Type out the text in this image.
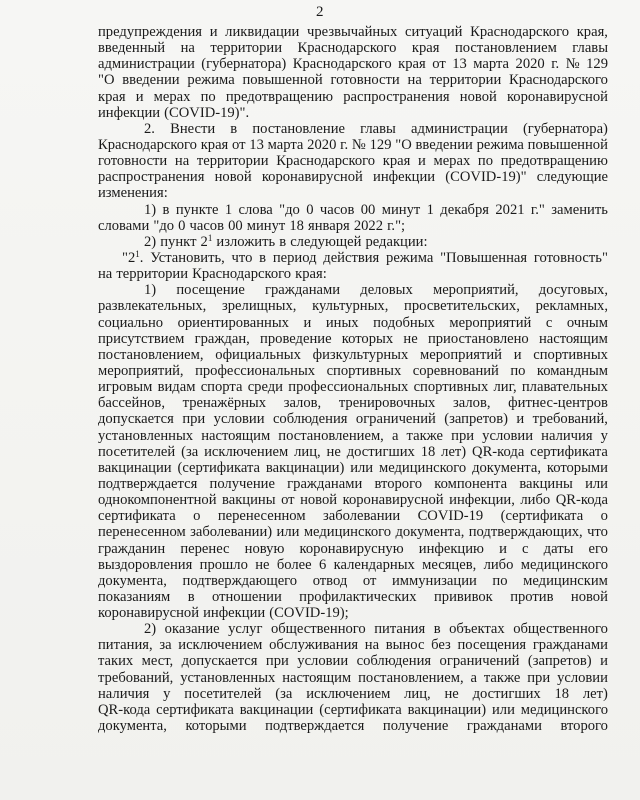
2
предупреждения и ликвидации чрезвычайных ситуаций Краснодарского края,
введенный на территории Краснодарского края постановлением главы
администрации (губернатора) Краснодарского края от 13 марта 2020 г. № 129
"О введении режима повышенной готовности на территории Краснодарского
края и мерах по предотвращению распространения новой коронавирусной
инфекции (COVID-19)".
2. Внести в постановление главы администрации (губернатора)
Краснодарского края от 13 марта 2020 г. № 129 "О введении режима повышенной
готовности на территории Краснодарского края и мерах по предотвращению
распространения новой коронавирусной инфекции (COVID-19)" следующие
изменения:
1) в пункте 1 слова "до 0 часов 00 минут 1 декабря 2021 г." заменить
словами "до 0 часов 00 минут 18 января 2022 г.";
2) пункт $2^1$ изложить в следующей редакции:
"$2^1$. Установить, что в период действия режима "Повышенная готовность"
на территории Краснодарского края:
1) посещение гражданами деловых мероприятий, досуговых,
развлекательных, зрелищных, культурных, просветительских, рекламных,
социально ориентированных и иных подобных мероприятий с очным
присутствием граждан, проведение которых не приостановлено настоящим
постановлением, официальных физкультурных мероприятий и спортивных
мероприятий, профессиональных спортивных соревнований по командным
игровым видам спорта среди профессиональных спортивных лиг, плавательных
бассейнов, тренажёрных залов, тренировочных залов, фитнес-центров
допускается при условии соблюдения ограничений (запретов) и требований,
установленных настоящим постановлением, а также при условии наличия у
посетителей (за исключением лиц, не достигших 18 лет) QR-кода сертификата
вакцинации (сертификата вакцинации) или медицинского документа, которыми
подтверждается получение гражданами второго компонента вакцины или
однокомпонентной вакцины от новой коронавирусной инфекции, либо QR-кода
сертификата о перенесенном заболевании COVID-19 (сертификата о
перенесенном заболевании) или медицинского документа, подтверждающих, что
гражданин перенес новую коронавирусную инфекцию и с даты его
выздоровления прошло не более 6 календарных месяцев, либо медицинского
документа, подтверждающего отвод от иммунизации по медицинским
показаниям в отношении профилактических прививок против новой
коронавирусной инфекции (COVID-19);
2) оказание услуг общественного питания в объектах общественного
питания, за исключением обслуживания на вынос без посещения гражданами
таких мест, допускается при условии соблюдения ограничений (запретов) и
требований, установленных настоящим постановлением, а также при условии
наличия у посетителей (за исключением лиц, не достигших 18 лет)
QR-кода сертификата вакцинации (сертификата вакцинации) или медицинского
документа, которыми подтверждается получение гражданами второго
